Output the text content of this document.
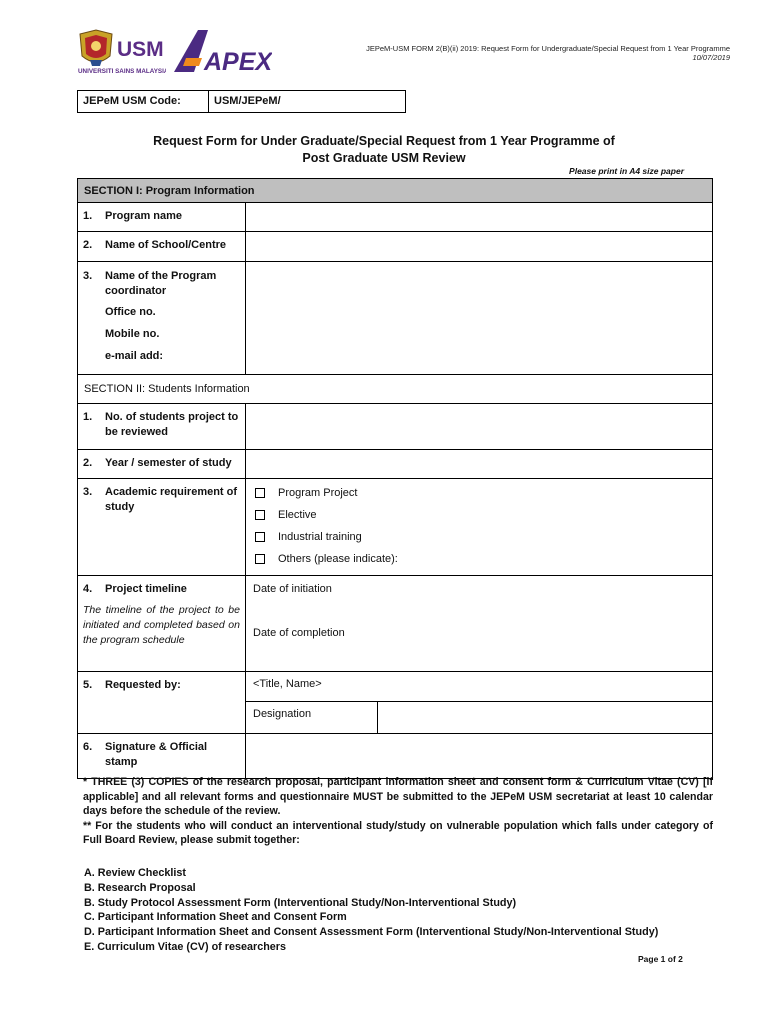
USM
UNIVERSITI SAINS MALAYSIA APEX	JEPeM-USM FORM 2(B)(ii) 2019: Request Form for Undergraduate/Special Request from 1 Year Programme
10/07/2019
JEPeM USM Code:	USM/JEPeM/
Request Form for Under Graduate/Special Request from 1 Year Programme of
Post Graduate USM Review
Please print in A4 size paper
SECTION I: Program Information
1.	Program name
2.	Name of School/Centre
3.	Name of the Program coordinator
Office no.
Mobile no.
e-mail add:
SECTION II: Students Information
1.	No. of students project to be reviewed
2.	Year / semester of study
3.	Academic requirement of study
Program Project
Elective
Industrial training
Others (please indicate):
4.	Project timeline
The timeline of the project to be initiated and completed based on the program schedule
Date of initiation
Date of completion
5.	Requested by:	<Title, Name>
Designation
6.	Signature & Official stamp

* THREE (3) COPIES of the research proposal, participant information sheet and consent form & Curriculum Vitae (CV) [if applicable] and all relevant forms and questionnaire MUST be submitted to the JEPeM USM secretariat at least 10 calendar days before the schedule of the review.

** For the students who will conduct an interventional study/study on vulnerable population which falls under category of Full Board Review, please submit together:

A. Review Checklist
B. Research Proposal
B. Study Protocol Assessment Form (Interventional Study/Non-Interventional Study)
C. Participant Information Sheet and Consent Form
D. Participant Information Sheet and Consent Assessment Form (Interventional Study/Non-Interventional Study)
E. Curriculum Vitae (CV) of researchers
Page 1 of 2
